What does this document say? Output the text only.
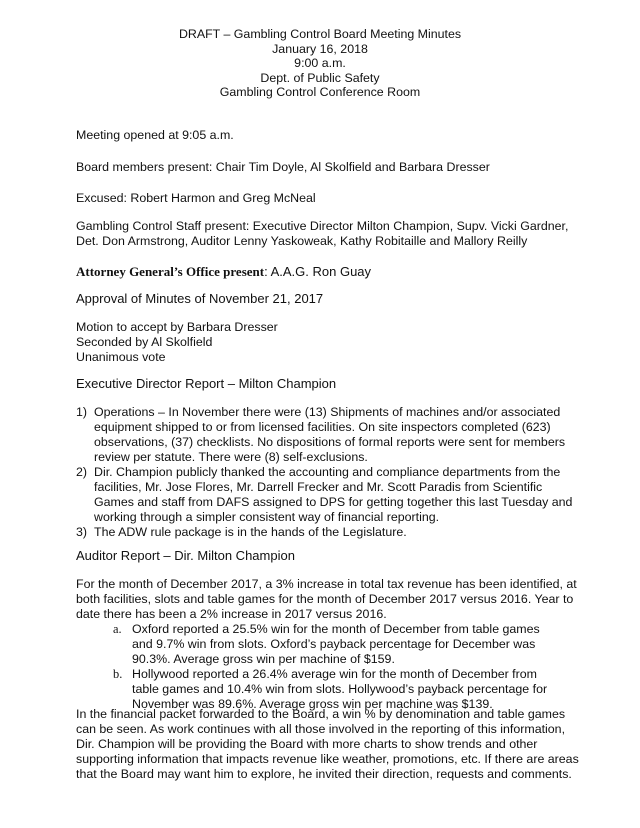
DRAFT – Gambling Control Board Meeting Minutes
January 16, 2018
9:00 a.m.
Dept. of Public Safety
Gambling Control Conference Room

Meeting opened at 9:05 a.m.

Board members present: Chair Tim Doyle, Al Skolfield and Barbara Dresser

Excused: Robert Harmon and Greg McNeal

Gambling Control Staff present: Executive Director Milton Champion, Supv. Vicki Gardner, Det. Don Armstrong, Auditor Lenny Yaskoweak, Kathy Robitaille and Mallory Reilly

Attorney General’s Office present: A.A.G. Ron Guay

Approval of Minutes of November 21, 2017

Motion to accept by Barbara Dresser
Seconded by Al Skolfield
Unanimous vote

Executive Director Report – Milton Champion

1) Operations – In November there were (13) Shipments of machines and/or associated equipment shipped to or from licensed facilities. On site inspectors completed (623) observations, (37) checklists. No dispositions of formal reports were sent for members review per statute. There were (8) self-exclusions.
2) Dir. Champion publicly thanked the accounting and compliance departments from the facilities, Mr. Jose Flores, Mr. Darrell Frecker and Mr. Scott Paradis from Scientific Games and staff from DAFS assigned to DPS for getting together this last Tuesday and working through a simpler consistent way of financial reporting.
3) The ADW rule package is in the hands of the Legislature.

Auditor Report – Dir. Milton Champion

For the month of December 2017, a 3% increase in total tax revenue has been identified, at both facilities, slots and table games for the month of December 2017 versus 2016. Year to date there has been a 2% increase in 2017 versus 2016.

a. Oxford reported a 25.5% win for the month of December from table games and 9.7% win from slots. Oxford’s payback percentage for December was 90.3%. Average gross win per machine of $159.
b. Hollywood reported a 26.4% average win for the month of December from table games and 10.4% win from slots. Hollywood’s payback percentage for November was 89.6%. Average gross win per machine was $139.

In the financial packet forwarded to the Board, a win % by denomination and table games can be seen. As work continues with all those involved in the reporting of this information, Dir. Champion will be providing the Board with more charts to show trends and other supporting information that impacts revenue like weather, promotions, etc. If there are areas that the Board may want him to explore, he invited their direction, requests and comments.
